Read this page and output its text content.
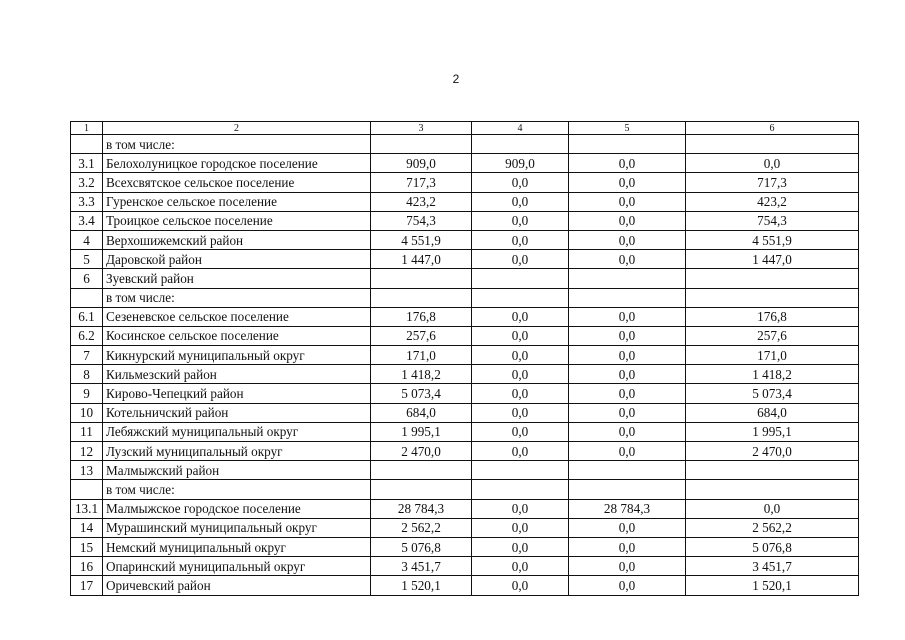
2
1	2	3	4	5	6
	в том числе:				
3.1	Белохолуницкое городское поселение	909,0	909,0	0,0	0,0
3.2	Всехсвятское сельское поселение	717,3	0,0	0,0	717,3
3.3	Гуренское сельское поселение	423,2	0,0	0,0	423,2
3.4	Троицкое сельское поселение	754,3	0,0	0,0	754,3
4	Верхошижемский район	4 551,9	0,0	0,0	4 551,9
5	Даровской район	1 447,0	0,0	0,0	1 447,0
6	Зуевский район				
	в том числе:				
6.1	Сезеневское сельское поселение	176,8	0,0	0,0	176,8
6.2	Косинское сельское поселение	257,6	0,0	0,0	257,6
7	Кикнурский муниципальный округ	171,0	0,0	0,0	171,0
8	Кильмезский район	1 418,2	0,0	0,0	1 418,2
9	Кирово-Чепецкий район	5 073,4	0,0	0,0	5 073,4
10	Котельничский район	684,0	0,0	0,0	684,0
11	Лебяжский муниципальный округ	1 995,1	0,0	0,0	1 995,1
12	Лузский муниципальный округ	2 470,0	0,0	0,0	2 470,0
13	Малмыжский район				
	в том числе:				
13.1	Малмыжское городское поселение	28 784,3	0,0	28 784,3	0,0
14	Мурашинский муниципальный округ	2 562,2	0,0	0,0	2 562,2
15	Немский муниципальный округ	5 076,8	0,0	0,0	5 076,8
16	Опаринский муниципальный округ	3 451,7	0,0	0,0	3 451,7
17	Оричевский район	1 520,1	0,0	0,0	1 520,1
